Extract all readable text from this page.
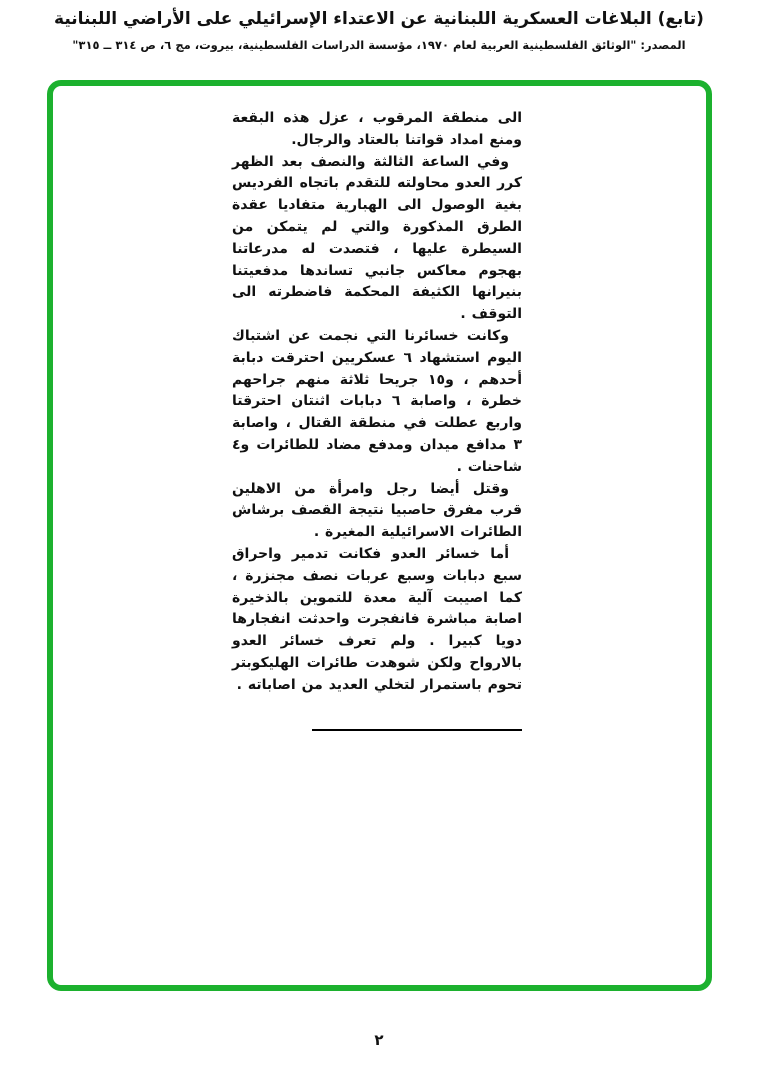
(تابع) البلاغات العسكرية اللبنانية عن الاعتداء الإسرائيلي على الأراضي اللبنانية
المصدر: "الوثائق الفلسطينية العربية لعام ١٩٧٠، مؤسسة الدراسات الفلسطينية، بيروت، مج ٦، ص ٣١٤ ــ ٣١٥"

الى منطقة المرقوب ، عزل هذه البقعة ومنع امداد قواتنا بالعتاد والرجال.

وفي الساعة الثالثة والنصف بعد الظهر كرر العدو محاولته للتقدم باتجاه الفرديس بغية الوصول الى الهبارية متفاديا عقدة الطرق المذكورة والتي لم يتمكن من السيطرة عليها ، فتصدت له مدرعاتنا بهجوم معاكس جانبي تساندها مدفعيتنا بنيرانها الكثيفة المحكمة فاضطرته الى التوقف .

وكانت خسائرنا التي نجمت عن اشتباك اليوم استشهاد ٦ عسكريين احترقت دبابة أحدهم ، و١٥ جريحا ثلاثة منهم جراحهم خطرة ، واصابة ٦ دبابات اثنتان احترقتا واربع عطلت في منطقة القتال ، واصابة ٣ مدافع ميدان ومدفع مضاد للطائرات و٤ شاحنات .

وقتل أيضا رجل وامرأة من الاهلين قرب مفرق حاصبيا نتيجة القصف برشاش الطائرات الاسرائيلية المغيرة .

أما خسائر العدو فكانت تدمير واحراق سبع دبابات وسبع عربات نصف مجنزرة ، كما اصيبت آلية معدة للتموين بالذخيرة اصابة مباشرة فانفجرت واحدثت انفجارها دويا كبيرا . ولم تعرف خسائر العدو بالارواح ولكن شوهدت طائرات الهليكوبتر تحوم باستمرار لتخلي العديد من اصاباته .

٢
